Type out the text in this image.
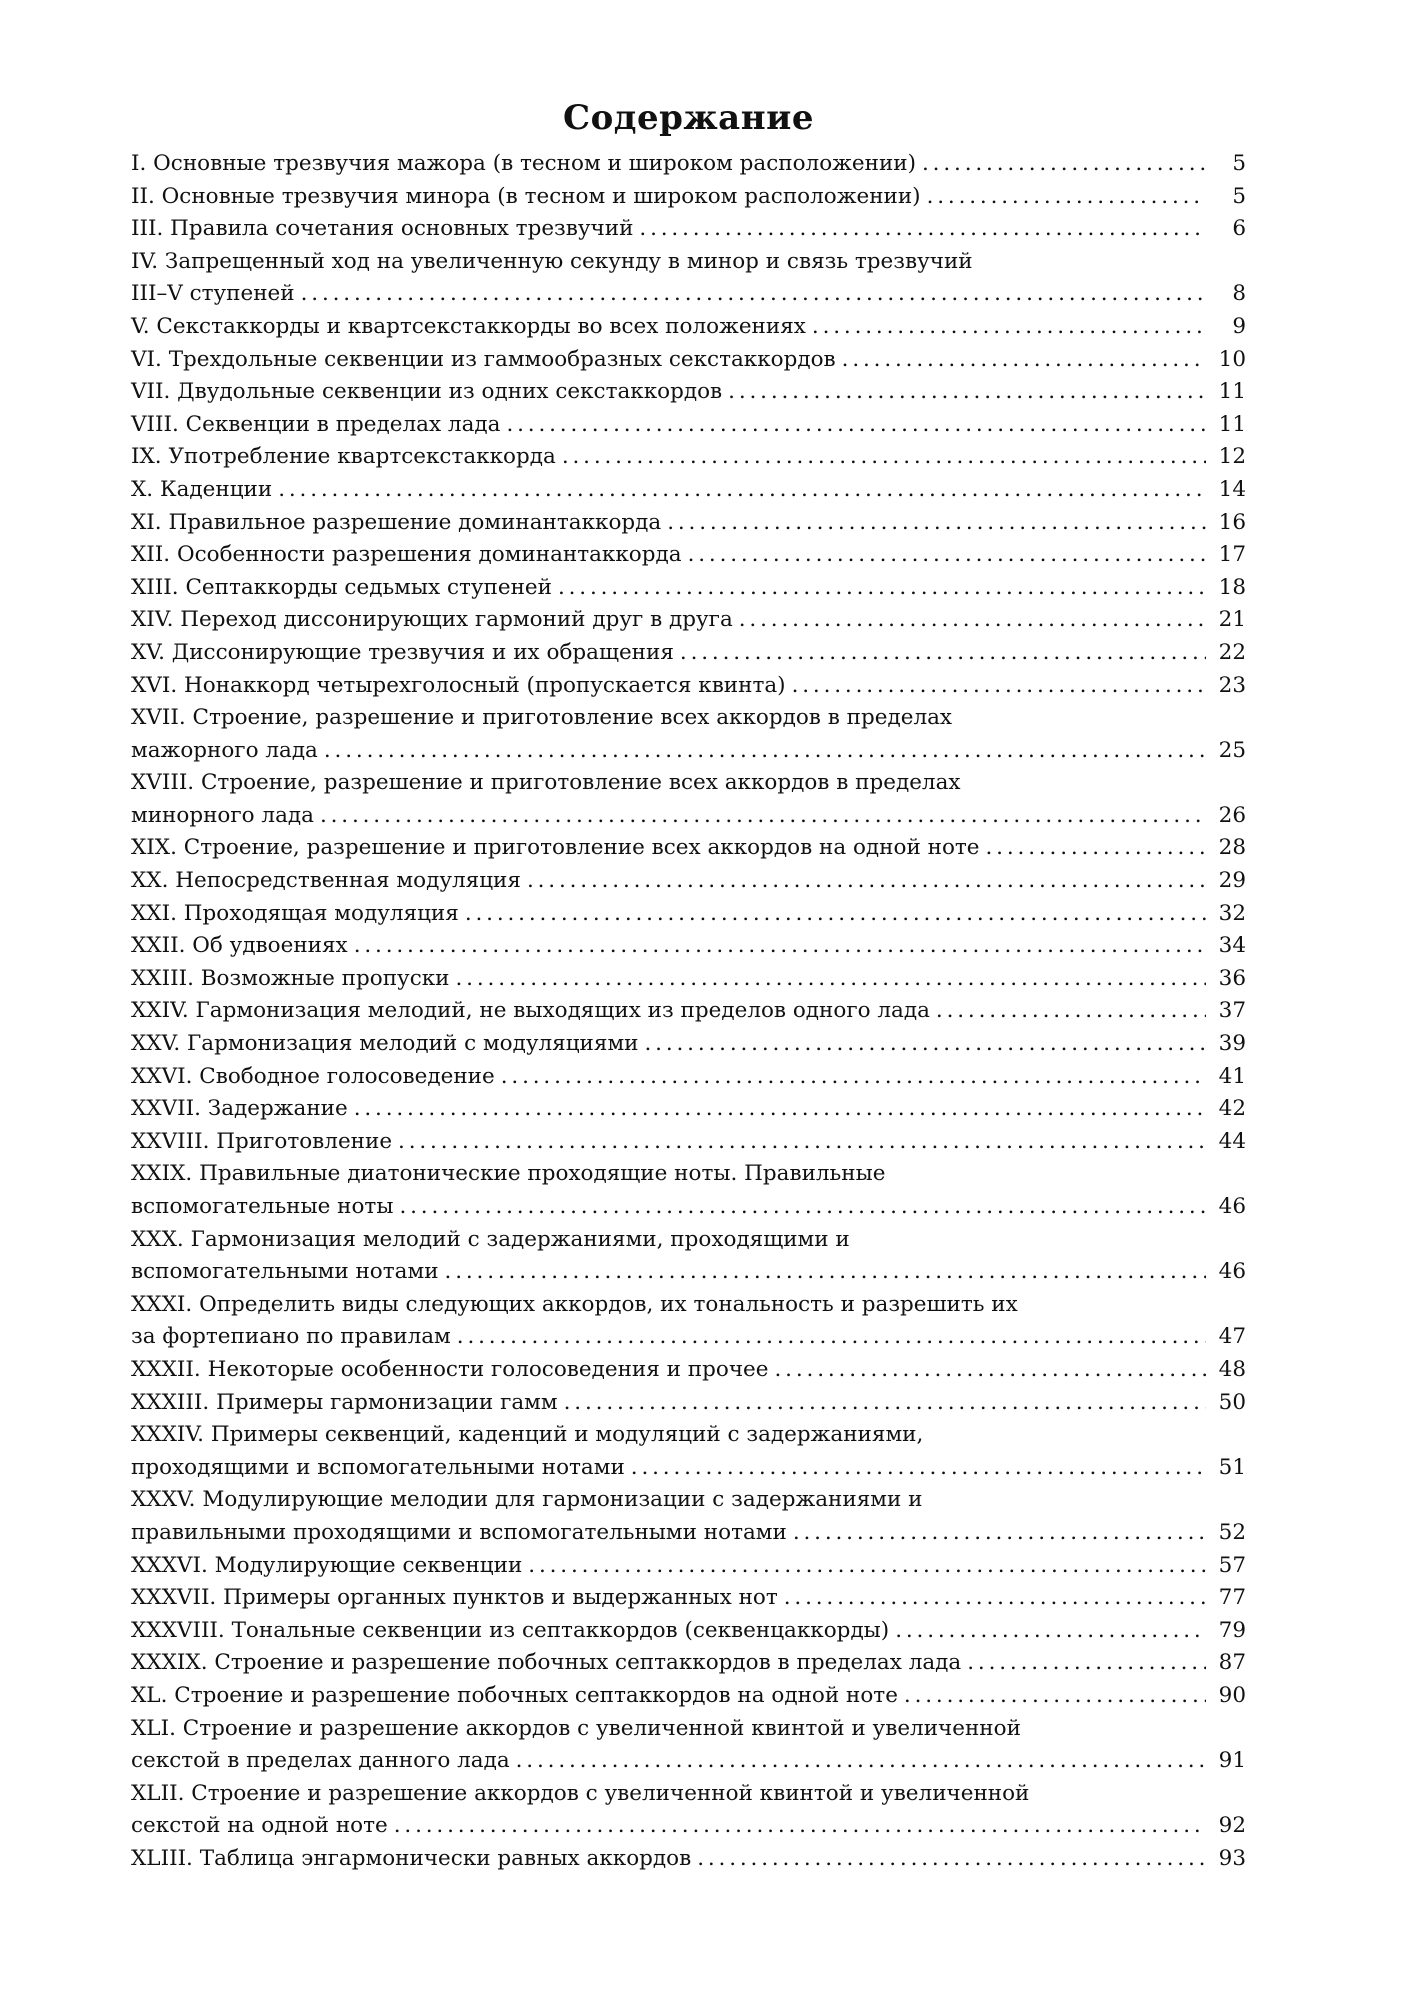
Содержание
I. Основные трезвучия мажора (в тесном и широком расположении) . . .	5
II. Основные трезвучия минора (в тесном и широком расположении) . . .	5
III. Правила сочетания основных трезвучий . . .	6
IV. Запрещенный ход на увеличенную секунду в минор и связь трезвучий
III–V ступеней . . .	8
V. Секстаккорды и квартсекстаккорды во всех положениях . . .	9
VI. Трехдольные секвенции из гаммообразных секстаккордов . . .	10
VII. Двудольные секвенции из одних секстаккордов . . .	11
VIII. Секвенции в пределах лада . . .	11
IX. Употребление квартсекстаккорда . . .	12
X. Каденции . . .	14
XI. Правильное разрешение доминантаккорда . . .	16
XII. Особенности разрешения доминантаккорда . . .	17
XIII. Септаккорды седьмых ступеней . . .	18
XIV. Переход диссонирующих гармоний друг в друга . . .	21
XV. Диссонирующие трезвучия и их обращения . . .	22
XVI. Нонаккорд четырехголосный (пропускается квинта) . . .	23
XVII. Строение, разрешение и приготовление всех аккордов в пределах
мажорного лада . . .	25
XVIII. Строение, разрешение и приготовление всех аккордов в пределах
минорного лада . . .	26
XIX. Строение, разрешение и приготовление всех аккордов на одной ноте . . .	28
XX. Непосредственная модуляция . . .	29
XXI. Проходящая модуляция . . .	32
XXII. Об удвоениях . . .	34
XXIII. Возможные пропуски . . .	36
XXIV. Гармонизация мелодий, не выходящих из пределов одного лада . . .	37
XXV. Гармонизация мелодий с модуляциями . . .	39
XXVI. Свободное голосоведение . . .	41
XXVII. Задержание . . .	42
XXVIII. Приготовление . . .	44
XXIX. Правильные диатонические проходящие ноты. Правильные
вспомогательные ноты . . .	46
XXX. Гармонизация мелодий с задержаниями, проходящими и
вспомогательными нотами . . .	46
XXXI. Определить виды следующих аккордов, их тональность и разрешить их
за фортепиано по правилам . . .	47
XXXII. Некоторые особенности голосоведения и прочее . . .	48
XXXIII. Примеры гармонизации гамм . . .	50
XXXIV. Примеры секвенций, каденций и модуляций с задержаниями,
проходящими и вспомогательными нотами . . .	51
XXXV. Модулирующие мелодии для гармонизации с задержаниями и
правильными проходящими и вспомогательными нотами . . .	52
XXXVI. Модулирующие секвенции . . .	57
XXXVII. Примеры органных пунктов и выдержанных нот . . .	77
XXXVIII. Тональные секвенции из септаккордов (секвенцаккорды) . . .	79
XXXIX. Строение и разрешение побочных септаккордов в пределах лада . . .	87
XL. Строение и разрешение побочных септаккордов на одной ноте . . .	90
XLI. Строение и разрешение аккордов с увеличенной квинтой и увеличенной
секстой в пределах данного лада . . .	91
XLII. Строение и разрешение аккордов с увеличенной квинтой и увеличенной
секстой на одной ноте . . .	92
XLIII. Таблица энгармонически равных аккордов . . .	93
